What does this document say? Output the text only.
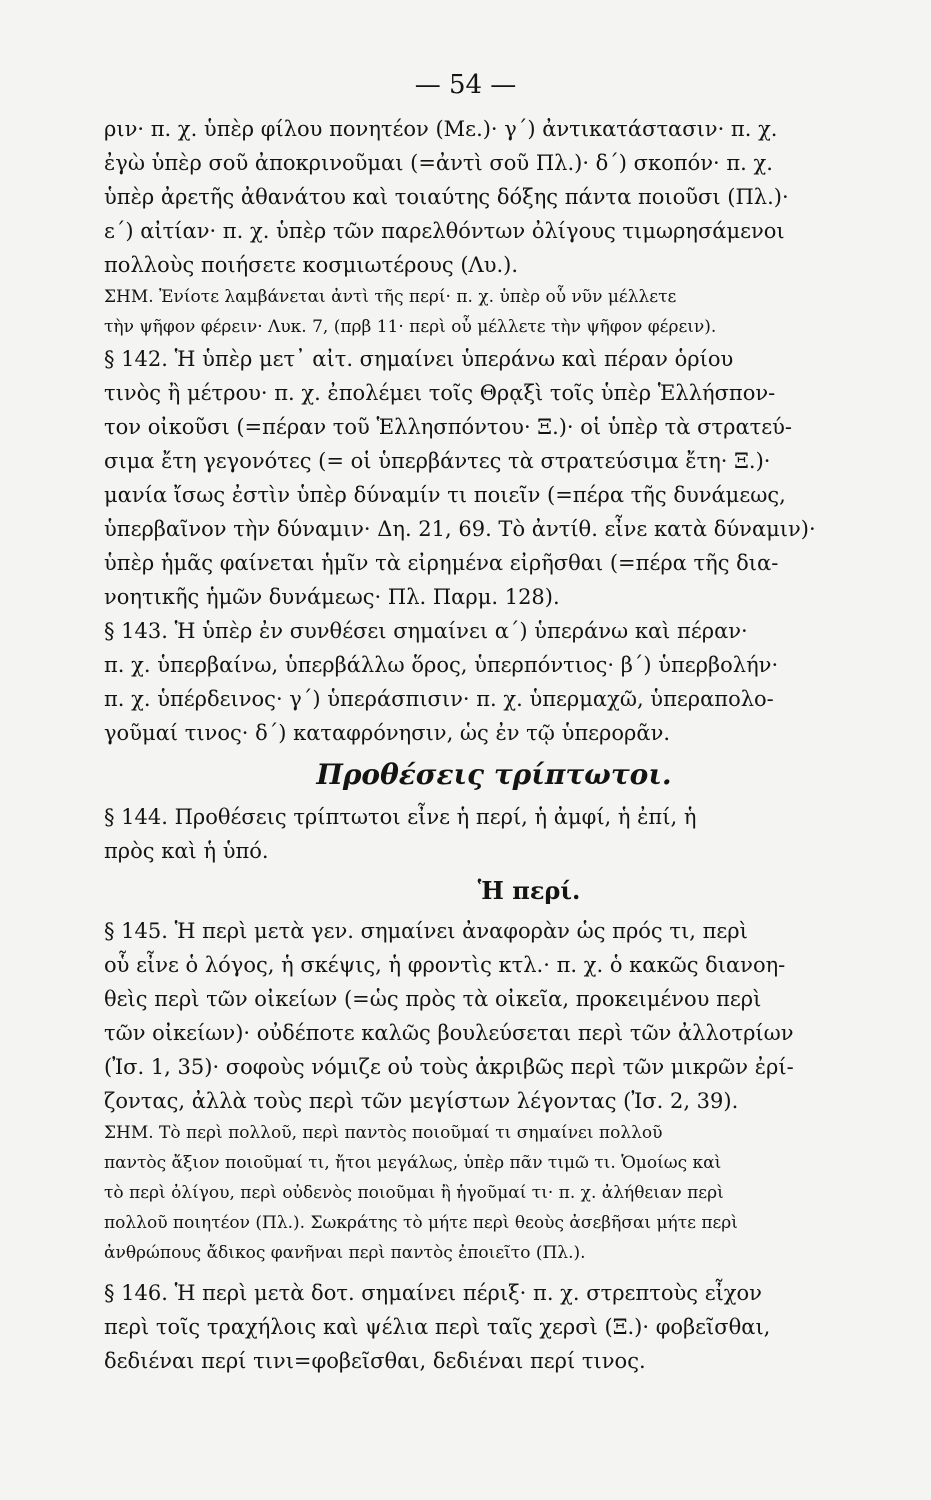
— 54 —
ριν· π. χ. ὑπὲρ φίλου πονητέον (Με.)· γ΄) ἀντικατάστασιν· π. χ.
ἐγὼ ὑπὲρ σοῦ ἀποκρινοῦμαι (=ἀντὶ σοῦ Πλ.)· δ΄) σκοπόν· π. χ.
ὑπὲρ ἀρετῆς ἀθανάτου καὶ τοιαύτης δόξης πάντα ποιοῦσι (Πλ.)·
ε΄) αἰτίαν· π. χ. ὑπὲρ τῶν παρελθόντων ὀλίγους τιμωρησάμενοι
πολλοὺς ποιήσετε κοσμιωτέρους (Λυ.).
ΣΗΜ. Ἐνίοτε λαμβάνεται ἀντὶ τῆς περί· π. χ. ὑπὲρ οὗ νῦν μέλλετε
τὴν ψῆφον φέρειν· Λυκ. 7, (πρβ 11· περὶ οὗ μέλλετε τὴν ψῆφον φέρειν).
§ 142. Ἡ ὑπὲρ μετ᾽ αἰτ. σημαίνει ὑπεράνω καὶ πέραν ὁρίου
τινὸς ἢ μέτρου· π. χ. ἐπολέμει τοῖς Θρᾳξὶ τοῖς ὑπὲρ Ἑλλήσπον-
τον οἰκοῦσι (=πέραν τοῦ Ἑλλησπόντου· Ξ.)· οἱ ὑπὲρ τὰ στρατεύ-
σιμα ἔτη γεγονότες (= οἱ ὑπερβάντες τὰ στρατεύσιμα ἔτη· Ξ.)·
μανία ἴσως ἐστὶν ὑπὲρ δύναμίν τι ποιεῖν (=πέρα τῆς δυνάμεως,
ὑπερβαῖνον τὴν δύναμιν· Δη. 21, 69. Τὸ ἀντίθ. εἶνε κατὰ δύναμιν)·
ὑπὲρ ἡμᾶς φαίνεται ἡμῖν τὰ εἰρημένα εἰρῆσθαι (=πέρα τῆς δια-
νοητικῆς ἡμῶν δυνάμεως· Πλ. Παρμ. 128).
§ 143. Ἡ ὑπὲρ ἐν συνθέσει σημαίνει α΄) ὑπεράνω καὶ πέραν·
π. χ. ὑπερβαίνω, ὑπερβάλλω ὅρος, ὑπερπόντιος· β΄) ὑπερβολήν·
π. χ. ὑπέρδεινος· γ΄) ὑπεράσπισιν· π. χ. ὑπερμαχῶ, ὑπεραπολο-
γοῦμαί τινος· δ΄) καταφρόνησιν, ὡς ἐν τῷ ὑπερορᾶν.
Προθέσεις τρίπτωτοι.
§ 144. Προθέσεις τρίπτωτοι εἶνε ἡ περί, ἡ ἀμφί, ἡ ἐπί, ἡ
πρὸς καὶ ἡ ὑπό.
Ἡ περί.
§ 145. Ἡ περὶ μετὰ γεν. σημαίνει ἀναφορὰν ὡς πρός τι, περὶ
οὗ εἶνε ὁ λόγος, ἡ σκέψις, ἡ φροντὶς κτλ.· π. χ. ὁ κακῶς διανοη-
θεὶς περὶ τῶν οἰκείων (=ὡς πρὸς τὰ οἰκεῖα, προκειμένου περὶ
τῶν οἰκείων)· οὐδέποτε καλῶς βουλεύσεται περὶ τῶν ἀλλοτρίων
(Ἰσ. 1, 35)· σοφοὺς νόμιζε οὐ τοὺς ἀκριβῶς περὶ τῶν μικρῶν ἐρί-
ζοντας, ἀλλὰ τοὺς περὶ τῶν μεγίστων λέγοντας (Ἰσ. 2, 39).
ΣΗΜ. Τὸ περὶ πολλοῦ, περὶ παντὸς ποιοῦμαί τι σημαίνει πολλοῦ
παντὸς ἄξιον ποιοῦμαί τι, ἤτοι μεγάλως, ὑπὲρ πᾶν τιμῶ τι. Ὁμοίως καὶ
τὸ περὶ ὀλίγου, περὶ οὐδενὸς ποιοῦμαι ἢ ἡγοῦμαί τι· π. χ. ἀλήθειαν περὶ
πολλοῦ ποιητέον (Πλ.). Σωκράτης τὸ μήτε περὶ θεοὺς ἀσεβῆσαι μήτε περὶ
ἀνθρώπους ἄδικος φανῆναι περὶ παντὸς ἐποιεῖτο (Πλ.).
§ 146. Ἡ περὶ μετὰ δοτ. σημαίνει πέριξ· π. χ. στρεπτοὺς εἶχον
περὶ τοῖς τραχήλοις καὶ ψέλια περὶ ταῖς χερσὶ (Ξ.)· φοβεῖσθαι,
δεδιέναι περί τινι=φοβεῖσθαι, δεδιέναι περί τινος.
